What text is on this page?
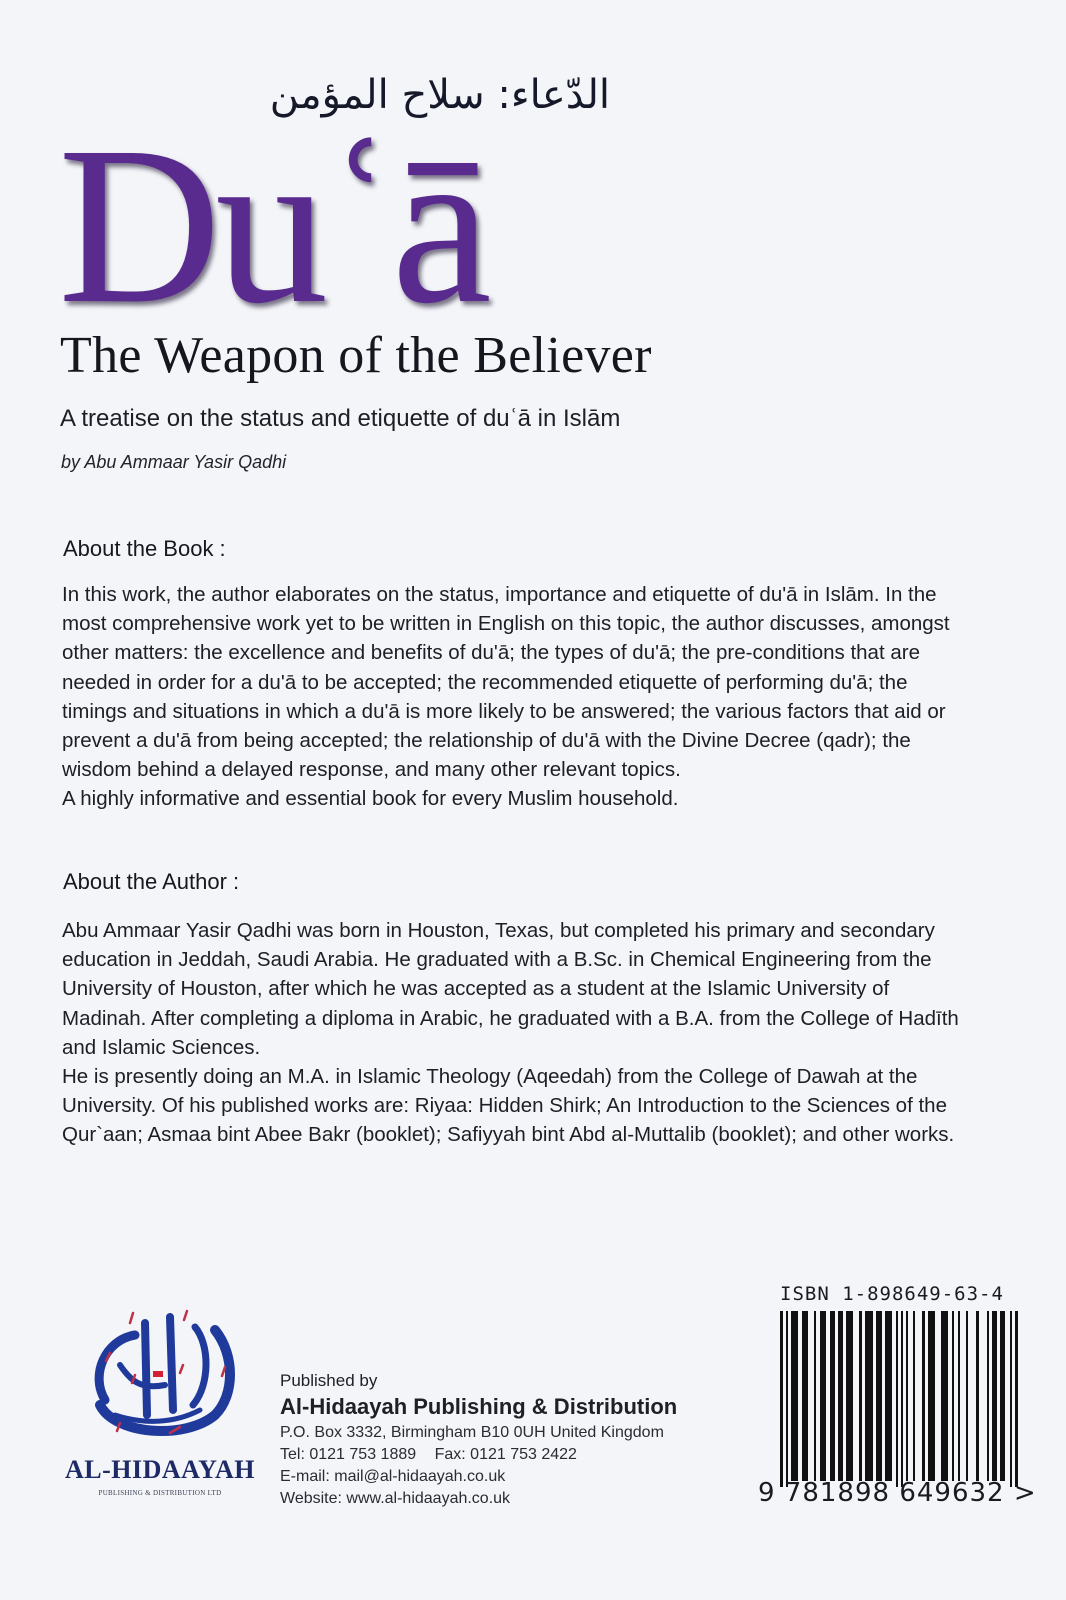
الدّعاء: سلاح المؤمن
Duʿā
The Weapon of the Believer
A treatise on the status and etiquette of duʿā in Islām
by Abu Ammaar Yasir Qadhi
About the Book :

In this work, the author elaborates on the status, importance and etiquette of du'ā in Islām. In the most comprehensive work yet to be written in English on this topic, the author discusses, amongst other matters: the excellence and benefits of du'ā; the types of du'ā; the pre-conditions that are needed in order for a du'ā to be accepted; the recommended etiquette of performing du'ā; the timings and situations in which a du'ā is more likely to be answered; the various factors that aid or prevent a du'ā from being accepted; the relationship of du'ā with the Divine Decree (qadr); the wisdom behind a delayed response, and many other relevant topics.

A highly informative and essential book for every Muslim household.

About the Author :

Abu Ammaar Yasir Qadhi was born in Houston, Texas, but completed his primary and secondary education in Jeddah, Saudi Arabia. He graduated with a B.Sc. in Chemical Engineering from the University of Houston, after which he was accepted as a student at the Islamic University of Madinah. After completing a diploma in Arabic, he graduated with a B.A. from the College of Hadīth and Islamic Sciences.

He is presently doing an M.A. in Islamic Theology (Aqeedah) from the College of Dawah at the University. Of his published works are: Riyaa: Hidden Shirk; An Introduction to the Sciences of the Qur`aan; Asmaa bint Abee Bakr (booklet); Safiyyah bint Abd al-Muttalib (booklet); and other works.

AL-HIDAAYAH
PUBLISHING & DISTRIBUTION LTD
Published by
Al-Hidaayah Publishing & Distribution
P.O. Box 3332, Birmingham B10 0UH United Kingdom
Tel: 0121 753 1889 Fax: 0121 753 2422
E-mail: mail@al-hidaayah.co.uk
Website: www.al-hidaayah.co.uk
ISBN 1-898649-63-4
9 781898 649632 >
